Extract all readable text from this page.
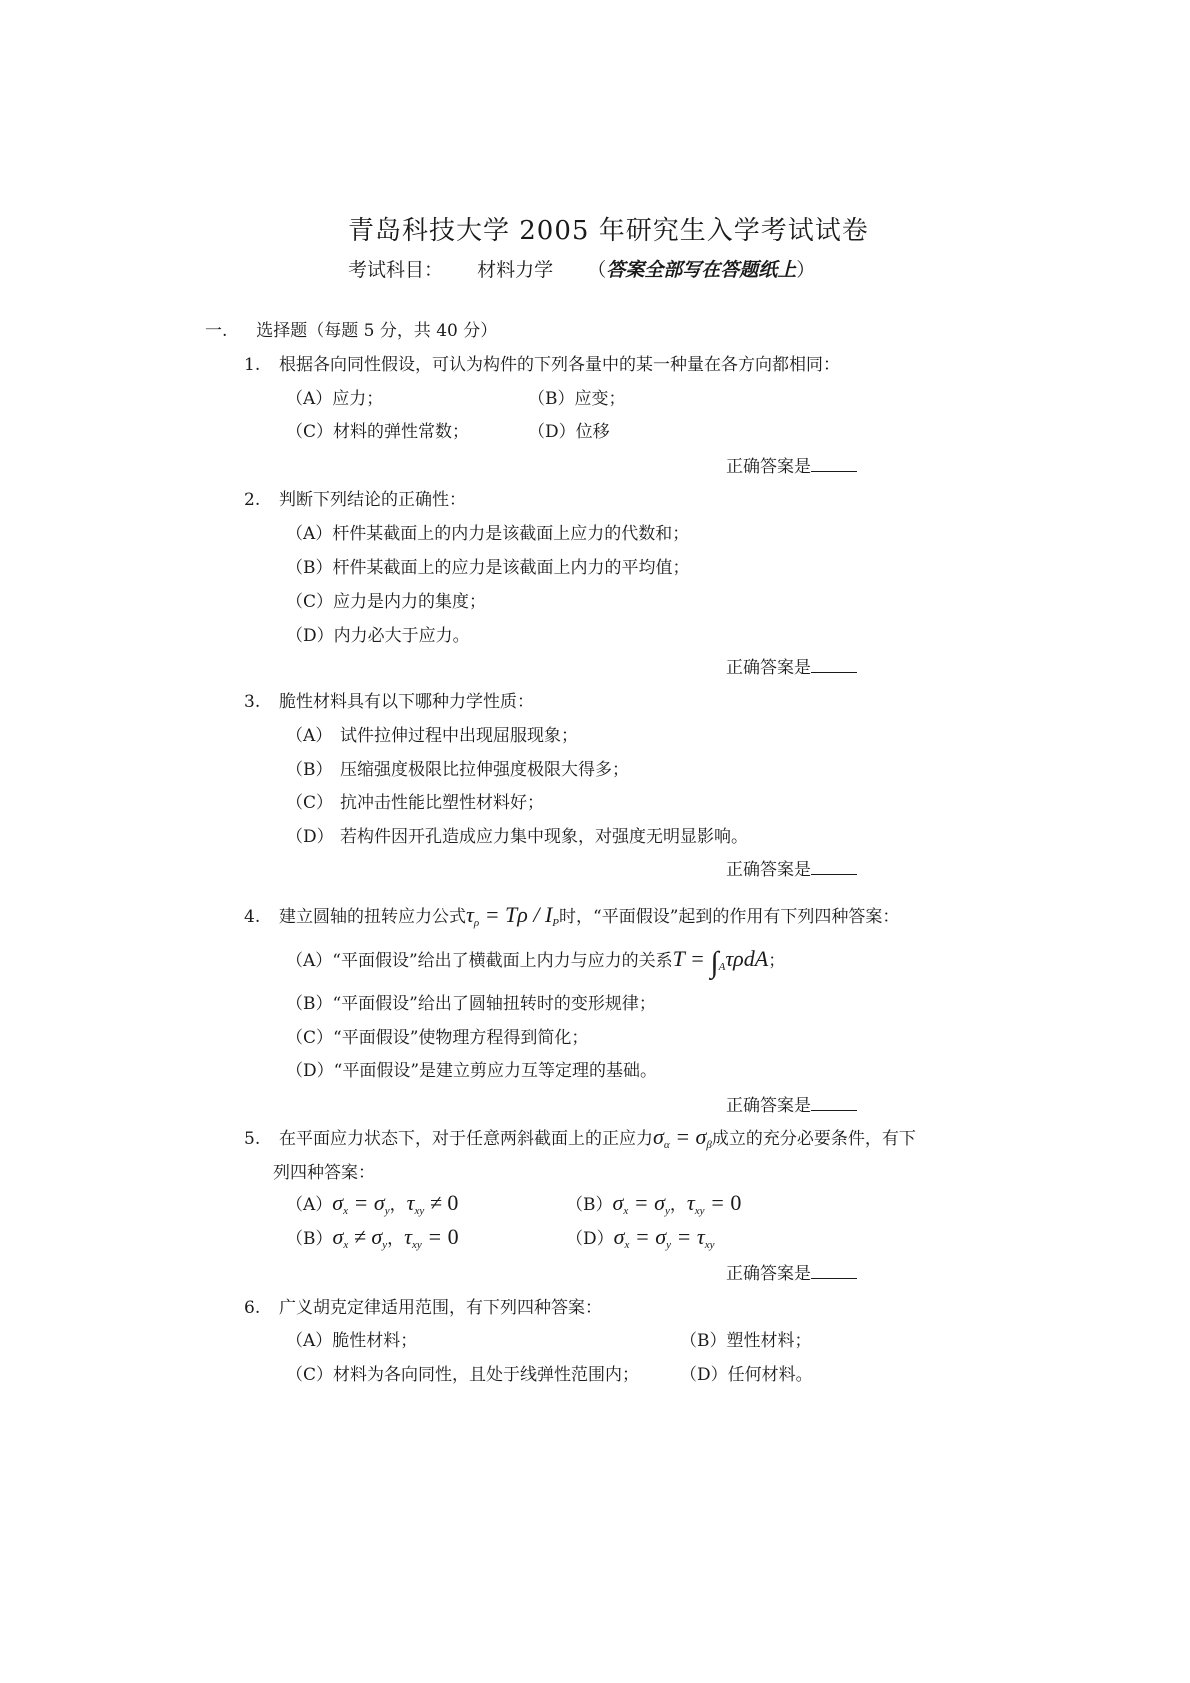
青岛科技大学 2005 年研究生入学考试试卷
考试科目： 材料力学 （答案全部写在答题纸上）
一. 选择题（每题 5 分，共 40 分）
1. 根据各向同性假设，可认为构件的下列各量中的某一种量在各方向都相同：
（A）应力；	（B）应变；
（C）材料的弹性常数；	（D）位移
正确答案是
2. 判断下列结论的正确性：
（A）杆件某截面上的内力是该截面上应力的代数和；
（B）杆件某截面上的应力是该截面上内力的平均值；
（C）应力是内力的集度；
（D）内力必大于应力。
正确答案是
3. 脆性材料具有以下哪种力学性质：
（A） 试件拉伸过程中出现屈服现象；
（B） 压缩强度极限比拉伸强度极限大得多；
（C） 抗冲击性能比塑性材料好；
（D） 若构件因开孔造成应力集中现象，对强度无明显影响。
正确答案是
4. 建立圆轴的扭转应力公式$\tau_\rho = T\rho / I_P$时，“平面假设”起到的作用有下列四种答案：
（A）“平面假设”给出了横截面上内力与应力的关系$T = \int_A\tau\rho dA$；
（B）“平面假设”给出了圆轴扭转时的变形规律；
（C）“平面假设”使物理方程得到简化；
（D）“平面假设”是建立剪应力互等定理的基础。
正确答案是
5. 在平面应力状态下，对于任意两斜截面上的正应力$\sigma_\alpha = \sigma_\beta$成立的充分必要条件，有下
列四种答案：
$(A)\sigma_x = \sigma_y$，$\tau_{xy} \ne 0$	$(B)\sigma_x = \sigma_y$，$\tau_{xy} = 0$
$(B)\sigma_x \ne \sigma_y$，$\tau_{xy} = 0$	$(D)\sigma_x = \sigma_y = \tau_{xy}$
正确答案是
6. 广义胡克定律适用范围，有下列四种答案：
（A）脆性材料；	（B）塑性材料；
（C）材料为各向同性，且处于线弹性范围内； （D）任何材料。
